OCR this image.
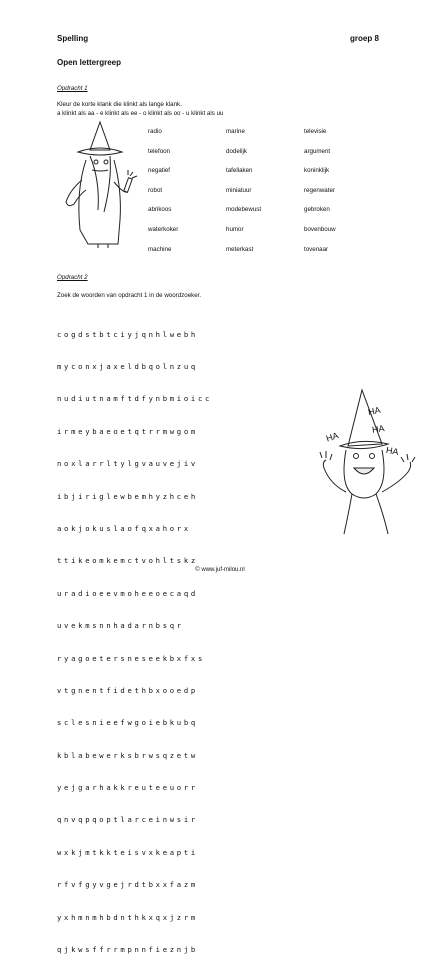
Spelling	groep 8
Open lettergreep
Opdracht 1
Kleur de korte klank die klinkt als lange klank.
a klinkt als aa - e klinkt als ee - o klinkt als oo - u klinkt als uu
radio	marine	televisie
telefoon	dodelijk	argument
negatief	tafellaken	koninklijk
robot	miniatuur	regenwater
abrikoos	modebewust	gebroken
waterkoker	humor	bovenbouw
machine	meterkast	tovenaar
Opdracht 2
Zoek de woorden van opdracht 1 in de woordzoeker.

cogdstbtciyjqnhlwebh

myconxjaxeldbqolnzuq

nudiutnamftdfynbmioicc

irmeybaeoetqtrrmwgom

noxlarrltylgvauvejiv

ibjiriglewbemhyzhceh

aokjokuslaofqxahorx

ttikeomkemctvohltskz

uradioeevmoheeoecaqd

uvekmsnnhadarnbsqr

ryagoetersneseekbxfxs

vtgnentfidethbxooedp

sclesnieefwgoiebkubq

kblabewerksbrwsqzetw

yejgarhakkreuteeuorr

qnvqpqoptlarceinwsir

wxkjmtkkteisvxkeapti

rfvfgyvgejrdtbxxfazm

yxhmnmhbdnthkxqxjzrm

qjkwsffrrmpnnfieznjb

HA
HA
HA
HA
© www.juf-milou.nl
